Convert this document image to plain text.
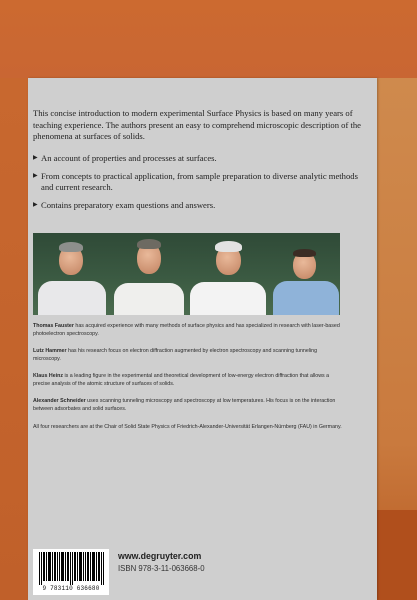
This concise introduction to modern experimental Surface Physics is based on many years of teaching experience. The authors present an easy to comprehend microscopic description of the phenomena at surfaces of solids.

▶ An account of properties and processes at surfaces.
▶ From concepts to practical application, from sample preparation to diverse analytic methods and current research.
▶ Contains preparatory exam questions and answers.

Thomas Fauster has acquired experience with many methods of surface physics and has specialized in research with laser-based photoelectron spectroscopy.

Lutz Hammer has his research focus on electron diffraction augmented by electron spectroscopy and scanning tunneling microscopy.

Klaus Heinz is a leading figure in the experimental and theoretical development of low-energy electron diffraction that allows a precise analysis of the atomic structure of surfaces of solids.

Alexander Schneider uses scanning tunneling microscopy and spectroscopy at low temperatures. His focus is on the interaction between adsorbates and solid surfaces.

All four researchers are at the Chair of Solid State Physics of Friedrich-Alexander-Universität Erlangen-Nürnberg (FAU) in Germany.

9 783110 636680
www.degruyter.com
ISBN 978-3-11-063668-0
